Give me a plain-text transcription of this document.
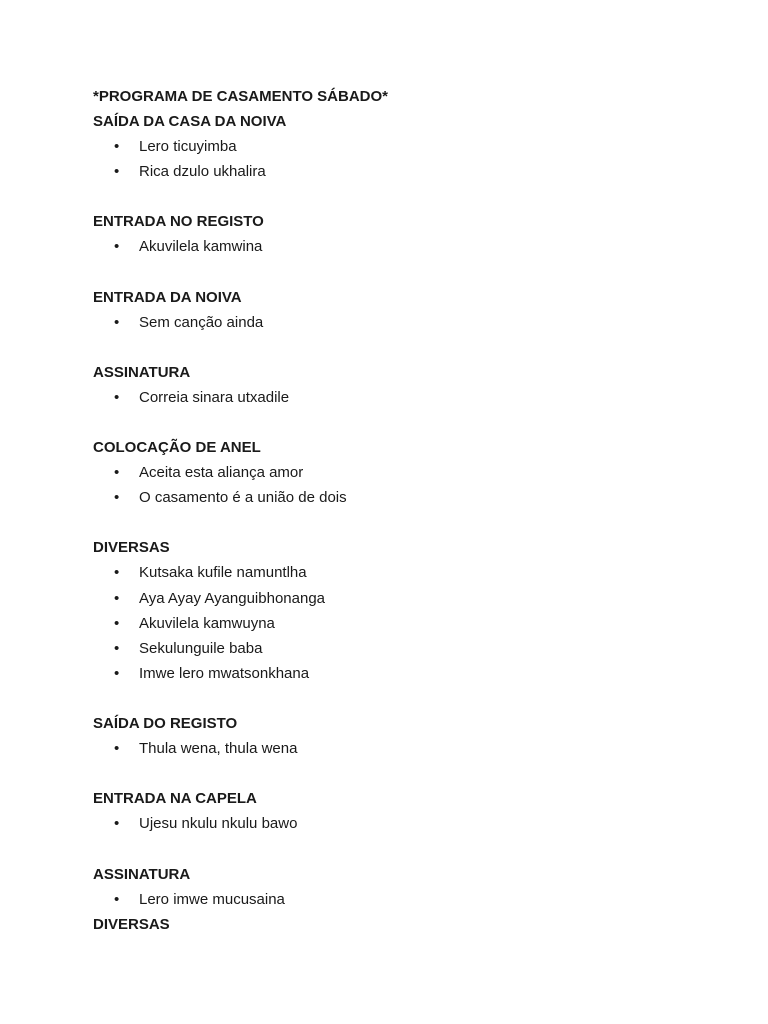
*PROGRAMA DE CASAMENTO SÁBADO*
SAÍDA DA CASA DA NOIVA
• Lero ticuyimba
• Rica dzulo ukhalira
ENTRADA NO REGISTO
• Akuvilela kamwina
ENTRADA DA NOIVA
• Sem canção ainda
ASSINATURA
• Correia sinara utxadile
COLOCAÇÃO DE ANEL
• Aceita esta aliança amor
• O casamento é a união de dois
DIVERSAS
• Kutsaka kufile namuntlha
• Aya Ayay Ayanguibhonanga
• Akuvilela kamwuyna
• Sekulunguile baba
• Imwe lero mwatsonkhana
SAÍDA DO REGISTO
• Thula wena, thula wena
ENTRADA NA CAPELA
• Ujesu nkulu nkulu bawo
ASSINATURA
• Lero imwe mucusaina
DIVERSAS
